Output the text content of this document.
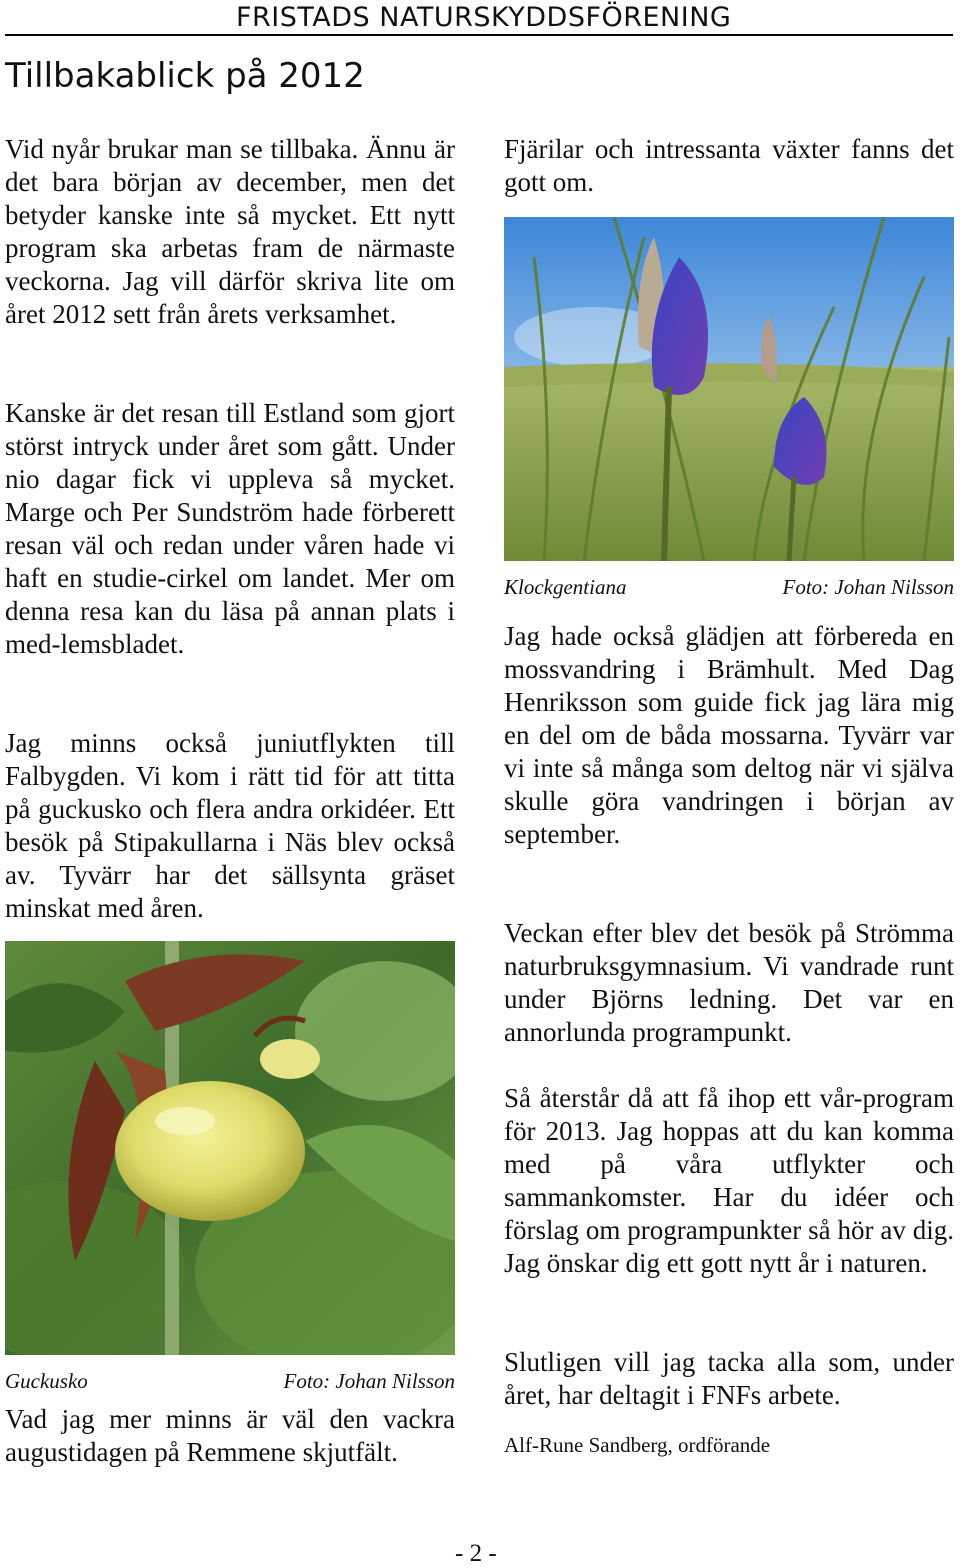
FRISTADS NATURSKYDDSFÖRENING
Tillbakablick på 2012

Vid nyår brukar man se tillbaka. Ännu är det bara början av december, men det betyder kanske inte så mycket. Ett nytt program ska arbetas fram de närmaste veckorna. Jag vill därför skriva lite om året 2012 sett från årets verksamhet.

Kanske är det resan till Estland som gjort störst intryck under året som gått. Under nio dagar fick vi uppleva så mycket. Marge och Per Sundström hade förberett resan väl och redan under våren hade vi haft en studie-cirkel om landet. Mer om denna resa kan du läsa på annan plats i med-lemsbladet.

Jag minns också juniutflykten till Falbygden. Vi kom i rätt tid för att titta på guckusko och flera andra orkidéer. Ett besök på Stipakullarna i Näs blev också av. Tyvärr har det sällsynta gräset minskat med åren.

Guckusko	Foto: Johan Nilsson

Vad jag mer minns är väl den vackra augustidagen på Remmene skjutfält.

Fjärilar och intressanta växter fanns det gott om.

Klockgentiana	Foto: Johan Nilsson

Jag hade också glädjen att förbereda en mossvandring i Brämhult. Med Dag Henriksson som guide fick jag lära mig en del om de båda mossarna. Tyvärr var vi inte så många som deltog när vi själva skulle göra vandringen i början av september.

Veckan efter blev det besök på Strömma naturbruksgymnasium. Vi vandrade runt under Björns ledning. Det var en annorlunda programpunkt.

Så återstår då att få ihop ett vår-program för 2013. Jag hoppas att du kan komma med på våra utflykter och sammankomster. Har du idéer och förslag om programpunkter så hör av dig. Jag önskar dig ett gott nytt år i naturen.

Slutligen vill jag tacka alla som, under året, har deltagit i FNFs arbete.

Alf-Rune Sandberg, ordförande
- 2 -
